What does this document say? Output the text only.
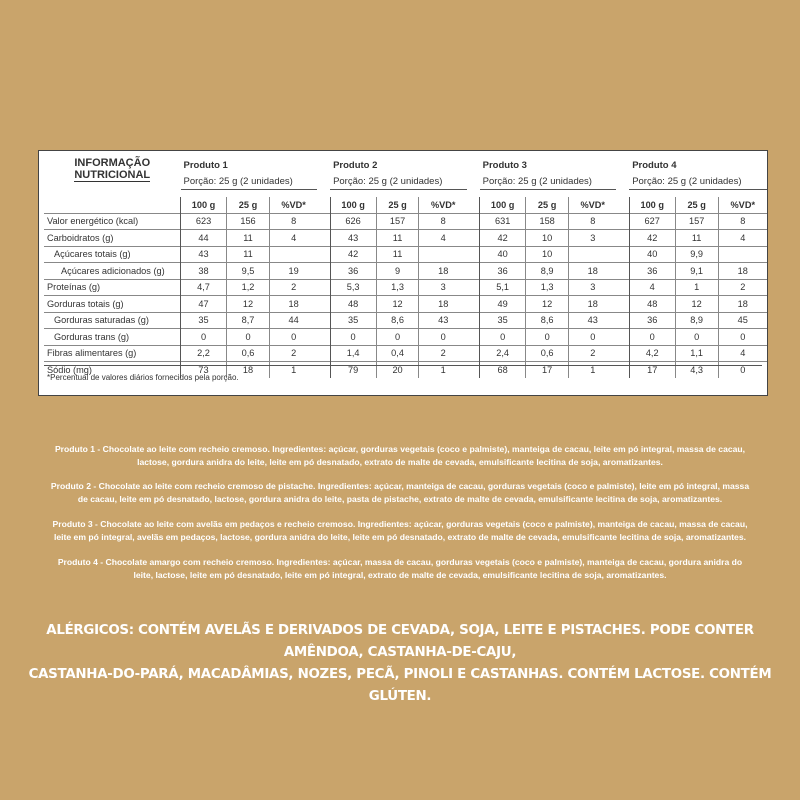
INFORMAÇÃO
NUTRICIONAL	Produto 1				Produto 2				Produto 3				Produto 4		
	Porção: 25 g (2 unidades)				Porção: 25 g (2 unidades)				Porção: 25 g (2 unidades)				Porção: 25 g (2 unidades)		

	100 g	25 g	%VD*		100 g	25 g	%VD*		100 g	25 g	%VD*		100 g	25 g	%VD*
Valor energético (kcal)	623	156	8		626	157	8		631	158	8		627	157	8
Carboidratos (g)	44	11	4		43	11	4		42	10	3		42	11	4
Açúcares totais (g)	43	11			42	11			40	10			40	9,9	
Açúcares adicionados (g)	38	9,5	19		36	9	18		36	8,9	18		36	9,1	18
Proteínas (g)	4,7	1,2	2		5,3	1,3	3		5,1	1,3	3		4	1	2
Gorduras totais (g)	47	12	18		48	12	18		49	12	18		48	12	18
Gorduras saturadas (g)	35	8,7	44		35	8,6	43		35	8,6	43		36	8,9	45
Gorduras trans (g)	0	0	0		0	0	0		0	0	0		0	0	0
Fibras alimentares (g)	2,2	0,6	2		1,4	0,4	2		2,4	0,6	2		4,2	1,1	4
Sódio (mg)	73	18	1		79	20	1		68	17	1		17	4,3	0
*Percentual de valores diários fornecidos pela porção.
Produto 1 - Chocolate ao leite com recheio cremoso. Ingredientes: açúcar, gorduras vegetais (coco e palmiste), manteiga de cacau, leite em pó integral, massa de cacau,
lactose, gordura anidra do leite, leite em pó desnatado, extrato de malte de cevada, emulsificante lecitina de soja, aromatizantes.
Produto 2 - Chocolate ao leite com recheio cremoso de pistache. Ingredientes: açúcar, manteiga de cacau, gorduras vegetais (coco e palmiste), leite em pó integral, massa
de cacau, leite em pó desnatado, lactose, gordura anidra do leite, pasta de pistache, extrato de malte de cevada, emulsificante lecitina de soja, aromatizantes.
Produto 3 - Chocolate ao leite com avelãs em pedaços e recheio cremoso. Ingredientes: açúcar, gorduras vegetais (coco e palmiste), manteiga de cacau, massa de cacau,
leite em pó integral, avelãs em pedaços, lactose, gordura anidra do leite, leite em pó desnatado, extrato de malte de cevada, emulsificante lecitina de soja, aromatizantes.
Produto 4 - Chocolate amargo com recheio cremoso. Ingredientes: açúcar, massa de cacau, gorduras vegetais (coco e palmiste), manteiga de cacau, gordura anidra do
leite, lactose, leite em pó desnatado, leite em pó integral, extrato de malte de cevada, emulsificante lecitina de soja, aromatizantes.
ALÉRGICOS: CONTÉM AVELÃS E DERIVADOS DE CEVADA, SOJA, LEITE E PISTACHES. PODE CONTER AMÊNDOA, CASTANHA-DE-CAJU,
CASTANHA-DO-PARÁ, MACADÂMIAS, NOZES, PECÃ, PINOLI E CASTANHAS. CONTÉM LACTOSE. CONTÉM GLÚTEN.
